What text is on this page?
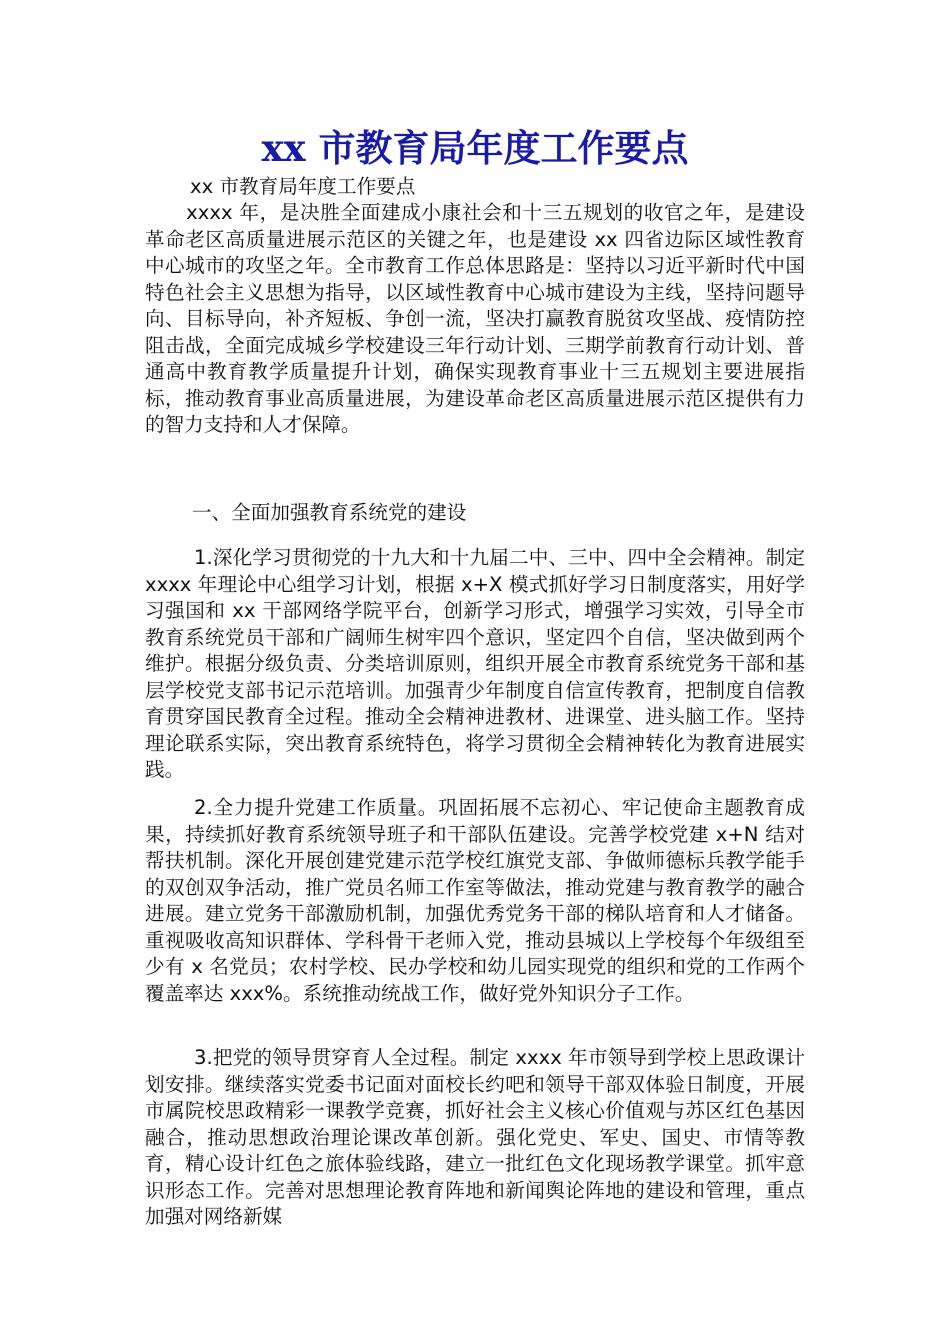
xx 市教育局年度工作要点

xx 市教育局年度工作要点

xxxx 年，是决胜全面建成小康社会和十三五规划的收官之年，是建设革命老区高质量进展示范区的关键之年，也是建设 xx 四省边际区域性教育中心城市的攻坚之年。全市教育工作总体思路是：坚持以习近平新时代中国特色社会主义思想为指导，以区域性教育中心城市建设为主线，坚持问题导向、目标导向，补齐短板、争创一流，坚决打赢教育脱贫攻坚战、疫情防控阻击战，全面完成城乡学校建设三年行动计划、三期学前教育行动计划、普通高中教育教学质量提升计划，确保实现教育事业十三五规划主要进展指标，推动教育事业高质量进展，为建设革命老区高质量进展示范区提供有力的智力支持和人才保障。

一、全面加强教育系统党的建设

1.深化学习贯彻党的十九大和十九届二中、三中、四中全会精神。制定 xxxx 年理论中心组学习计划，根据 x+X 模式抓好学习日制度落实，用好学习强国和 xx 干部网络学院平台，创新学习形式，增强学习实效，引导全市教育系统党员干部和广阔师生树牢四个意识，坚定四个自信，坚决做到两个维护。根据分级负责、分类培训原则，组织开展全市教育系统党务干部和基层学校党支部书记示范培训。加强青少年制度自信宣传教育，把制度自信教育贯穿国民教育全过程。推动全会精神进教材、进课堂、进头脑工作。坚持理论联系实际，突出教育系统特色，将学习贯彻全会精神转化为教育进展实践。

2.全力提升党建工作质量。巩固拓展不忘初心、牢记使命主题教育成果，持续抓好教育系统领导班子和干部队伍建设。完善学校党建 x+N 结对帮扶机制。深化开展创建党建示范学校红旗党支部、争做师德标兵教学能手的双创双争活动，推广党员名师工作室等做法，推动党建与教育教学的融合进展。建立党务干部激励机制，加强优秀党务干部的梯队培育和人才储备。重视吸收高知识群体、学科骨干老师入党，推动县城以上学校每个年级组至少有 x 名党员；农村学校、民办学校和幼儿园实现党的组织和党的工作两个覆盖率达 xxx%。系统推动统战工作，做好党外知识分子工作。

3.把党的领导贯穿育人全过程。制定 xxxx 年市领导到学校上思政课计划安排。继续落实党委书记面对面校长约吧和领导干部双体验日制度，开展市属院校思政精彩一课教学竞赛，抓好社会主义核心价值观与苏区红色基因融合，推动思想政治理论课改革创新。强化党史、军史、国史、市情等教育，精心设计红色之旅体验线路，建立一批红色文化现场教学课堂。抓牢意识形态工作。完善对思想理论教育阵地和新闻舆论阵地的建设和管理，重点加强对网络新媒
